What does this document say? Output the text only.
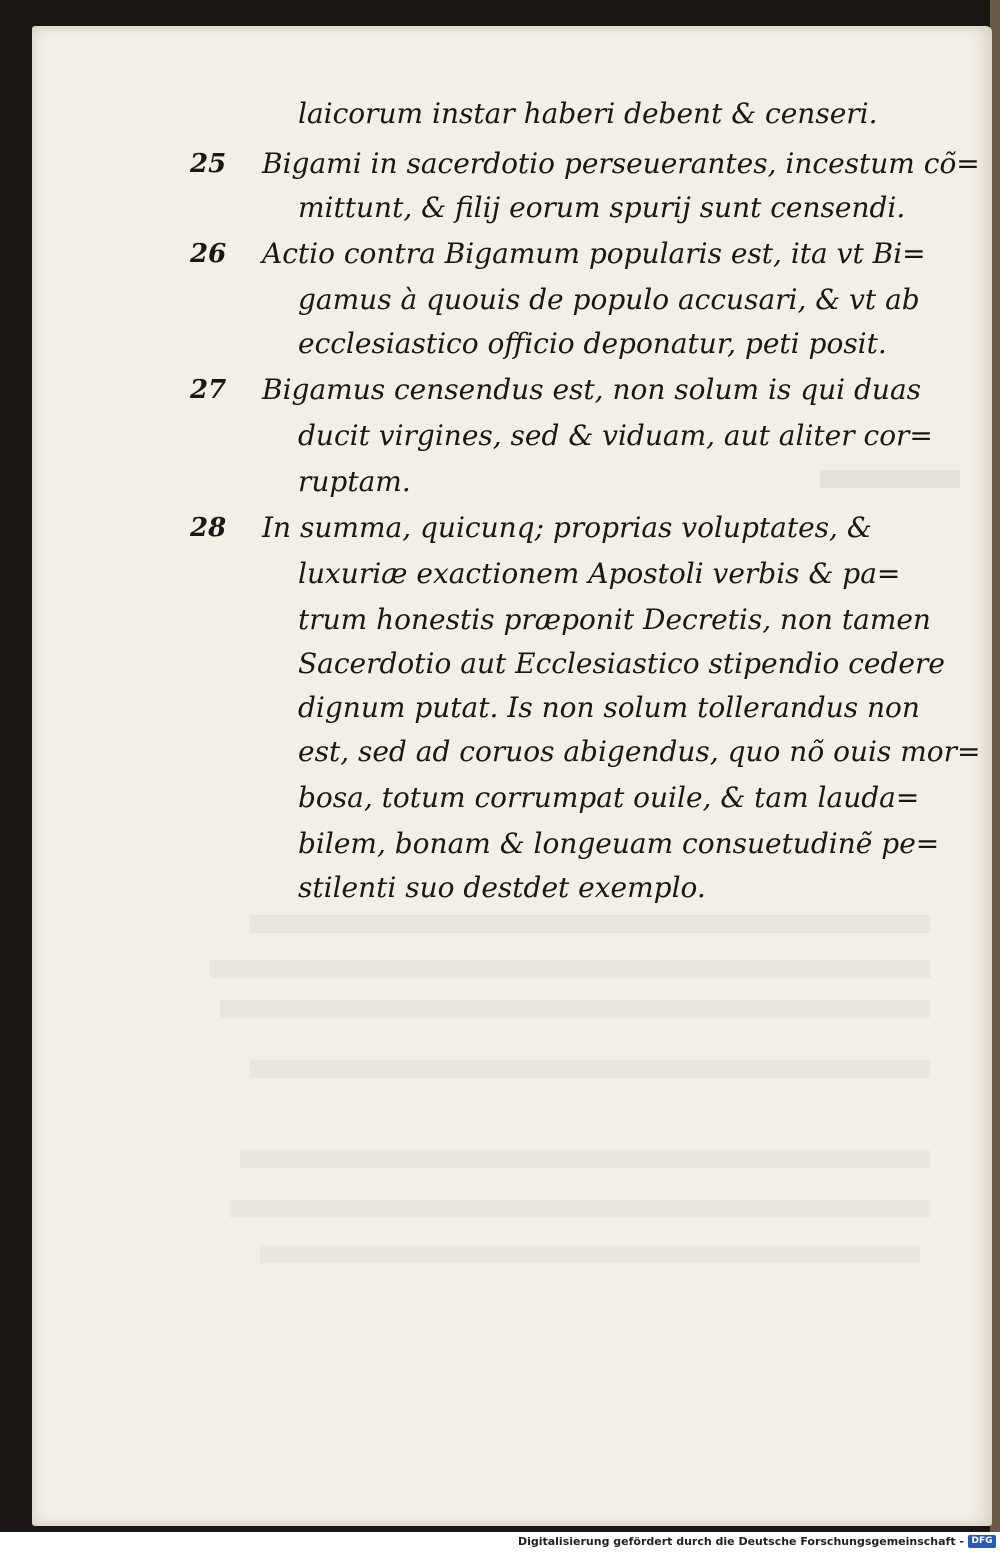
laicorum instar haberi debent & censeri.
25 Bigami in sacerdotio perseuerantes, incestum cõ=
mittunt, & filij eorum spurij sunt censendi.
26 Actio contra Bigamum popularis est, ita vt Bi=
gamus à quouis de populo accusari, & vt ab
ecclesiastico officio deponatur, peti posit.
27 Bigamus censendus est, non solum is qui duas
ducit virgines, sed & viduam, aut aliter cor=
ruptam.
28 In summa, quicunq; proprias voluptates, &
luxuriæ exactionem Apostoli verbis & pa=
trum honestis præponit Decretis, non tamen
Sacerdotio aut Ecclesiastico stipendio cedere
dignum putat. Is non solum tollerandus non
est, sed ad coruos abigendus, quo nõ ouis mor=
bosa, totum corrumpat ouile, & tam lauda=
bilem, bonam & longeuam consuetudinẽ pe=
stilenti suo destdet exemplo.
Digitalisierung gefördert durch die Deutsche Forschungsgemeinschaft - DFG
